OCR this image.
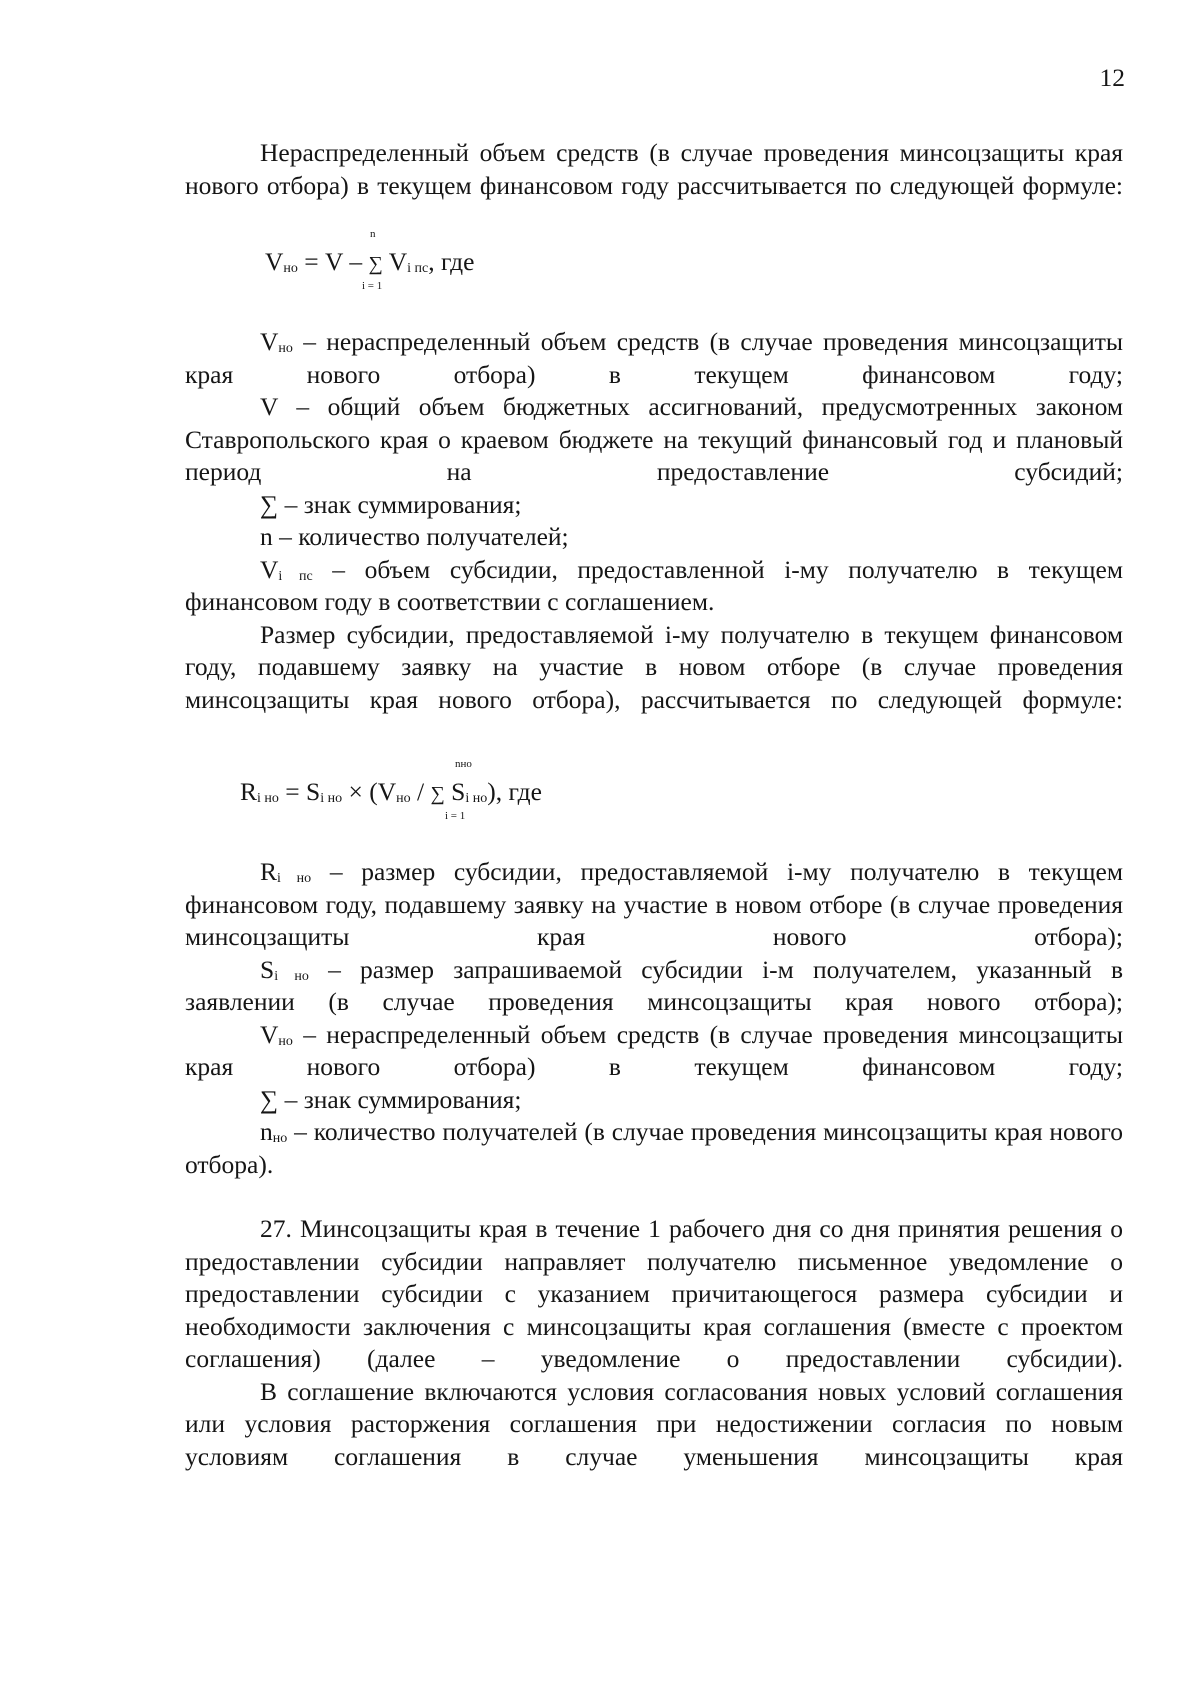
12

Нераспределенный объем средств (в случае проведения минсоцзащиты края нового отбора) в текущем финансовом году рассчитывается по следующей формуле:

n
$V_{но} = V$ – ∑ $V_{i пс}$, где
i = 1

$V_{но}$ – нераспределенный объем средств (в случае проведения минсоцзащиты края нового отбора) в текущем финансовом году;

V – общий объем бюджетных ассигнований, предусмотренных законом Ставропольского края о краевом бюджете на текущий финансовый год и плановый период на предоставление субсидий;

∑ – знак суммирования;

n – количество получателей;

$V_{i пс}$ – объем субсидии, предоставленной i-му получателю в текущем финансовом году в соответствии с соглашением.

Размер субсидии, предоставляемой i-му получателю в текущем финансовом году, подавшему заявку на участие в новом отборе (в случае проведения минсоцзащиты края нового отбора), рассчитывается по следующей формуле:

nно
$R_{i но} = S_{i но} \times (V_{но}$ / ∑ $S_{i но}$), где
i = 1

$R_{i но}$ – размер субсидии, предоставляемой i-му получателю в текущем финансовом году, подавшему заявку на участие в новом отборе (в случае проведения минсоцзащиты края нового отбора);

$S_{i но}$ – размер запрашиваемой субсидии i-м получателем, указанный в заявлении (в случае проведения минсоцзащиты края нового отбора);

$V_{но}$ – нераспределенный объем средств (в случае проведения минсоцзащиты края нового отбора) в текущем финансовом году;

∑ – знак суммирования;

$n_{но}$ – количество получателей (в случае проведения минсоцзащиты края нового отбора).

27. Минсоцзащиты края в течение 1 рабочего дня со дня принятия решения о предоставлении субсидии направляет получателю письменное уведомление о предоставлении субсидии с указанием причитающегося размера субсидии и необходимости заключения с минсоцзащиты края соглашения (вместе с проектом соглашения) (далее – уведомление о предоставлении субсидии).

В соглашение включаются условия согласования новых условий соглашения или условия расторжения соглашения при недостижении согласия по новым условиям соглашения в случае уменьшения минсоцзащиты края
